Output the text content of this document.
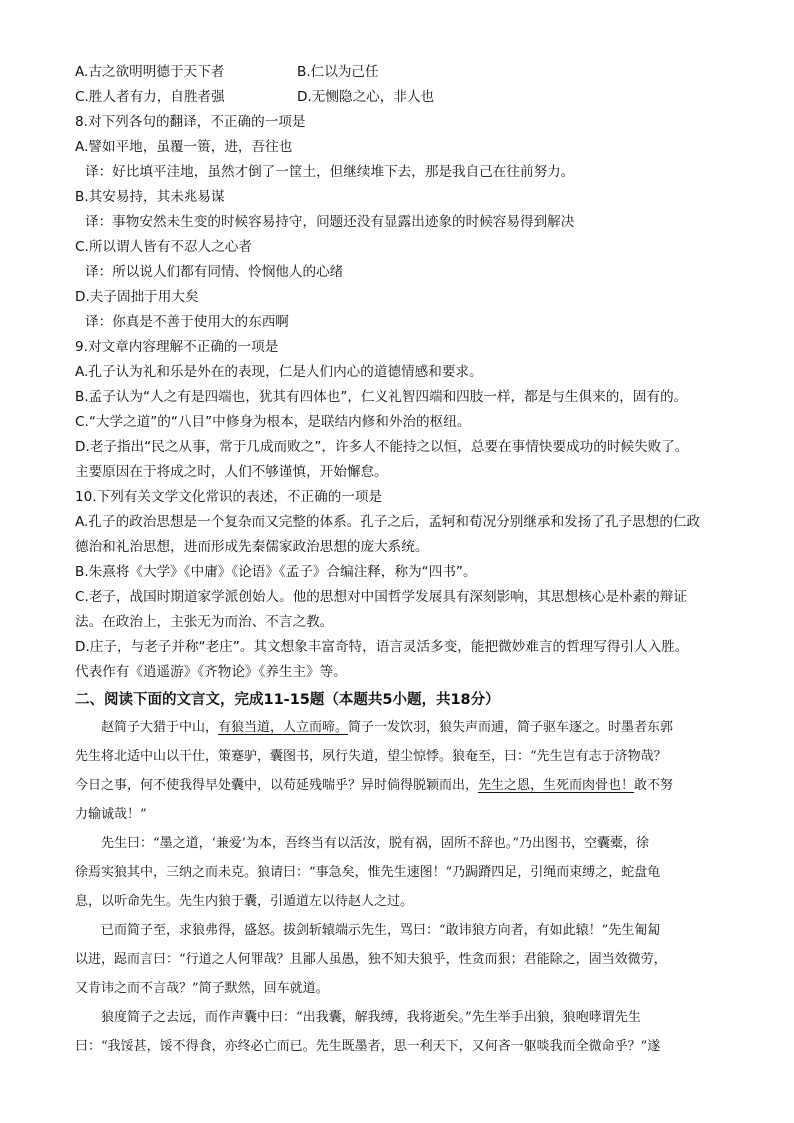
A.古之欲明明德于天下者	B.仁以为己任
C.胜人者有力，自胜者强	D.无恻隐之心，非人也
8.对下列各句的翻译，不正确的一项是
A.譬如平地，虽覆一篑，进，吾往也
译：好比填平洼地，虽然才倒了一筐土，但继续堆下去，那是我自己在往前努力。
B.其安易持，其未兆易谋
译：事物安然未生变的时候容易持守，问题还没有显露出迹象的时候容易得到解决
C.所以谓人皆有不忍人之心者
译：所以说人们都有同情、怜悯他人的心绪
D.夫子固拙于用大矣
译：你真是不善于使用大的东西啊
9.对文章内容理解不正确的一项是
A.孔子认为礼和乐是外在的表现，仁是人们内心的道德情感和要求。
B.孟子认为“人之有是四端也，犹其有四体也”，仁义礼智四端和四肢一样，都是与生俱来的，固有的。
C.“大学之道”的“八目”中修身为根本，是联结内修和外治的枢纽。
D.老子指出“民之从事，常于几成而败之”，许多人不能持之以恒，总要在事情快要成功的时候失败了。
主要原因在于将成之时，人们不够谨慎，开始懈怠。
10.下列有关文学文化常识的表述，不正确的一项是
A.孔子的政治思想是一个复杂而又完整的体系。孔子之后，孟轲和荀况分别继承和发扬了孔子思想的仁政
德治和礼治思想，进而形成先秦儒家政治思想的庞大系统。
B.朱熹将《大学》《中庸》《论语》《孟子》合编注释，称为“四书”。
C.老子，战国时期道家学派创始人。他的思想对中国哲学发展具有深刻影响，其思想核心是朴素的辩证
法。在政治上，主张无为而治、不言之教。
D.庄子，与老子并称“老庄”。其文想象丰富奇特，语言灵活多变，能把微妙难言的哲理写得引人入胜。
代表作有《逍遥游》《齐物论》《养生主》等。
二、阅读下面的文言文，完成11-15题（本题共5小题，共18分）
赵简子大猎于中山，有狼当道，人立而啼。简子一发饮羽，狼失声而逋，简子驱车逐之。时墨者东郭
先生将北适中山以干仕，策蹇驴，囊图书，夙行失道，望尘惊悸。狼奄至，曰：“先生岂有志于济物哉？
今日之事，何不使我得早处囊中，以苟延残喘乎？异时倘得脱颖而出，先生之恩，生死而肉骨也！敢不努
力输诚哉！”
先生曰：“墨之道，‘兼爱’为本，吾终当有以活汝，脱有祸，固所不辞也。”乃出图书，空囊橐，徐
徐焉实狼其中，三纳之而未克。狼请曰：“事急矣，惟先生速图！”乃跼蹐四足，引绳而束缚之，蛇盘龟
息，以听命先生。先生内狼于囊，引遁道左以待赵人之过。
已而简子至，求狼弗得，盛怒。拔剑斩辕端示先生，骂曰：“敢讳狼方向者，有如此辕！”先生匍匐
以进，跽而言曰：“行道之人何罪哉？且鄙人虽愚，独不知夫狼乎，性贪而狠；君能除之，固当效微劳，
又肯讳之而不言哉？”简子默然，回车就道。
狼度简子之去远，而作声囊中曰：“出我囊，解我缚，我将逝矣。”先生举手出狼，狼咆哮谓先生
曰：“我馁甚，馁不得食，亦终必亡而已。先生既墨者，思一利天下，又何吝一躯啖我而全微命乎？”遂
